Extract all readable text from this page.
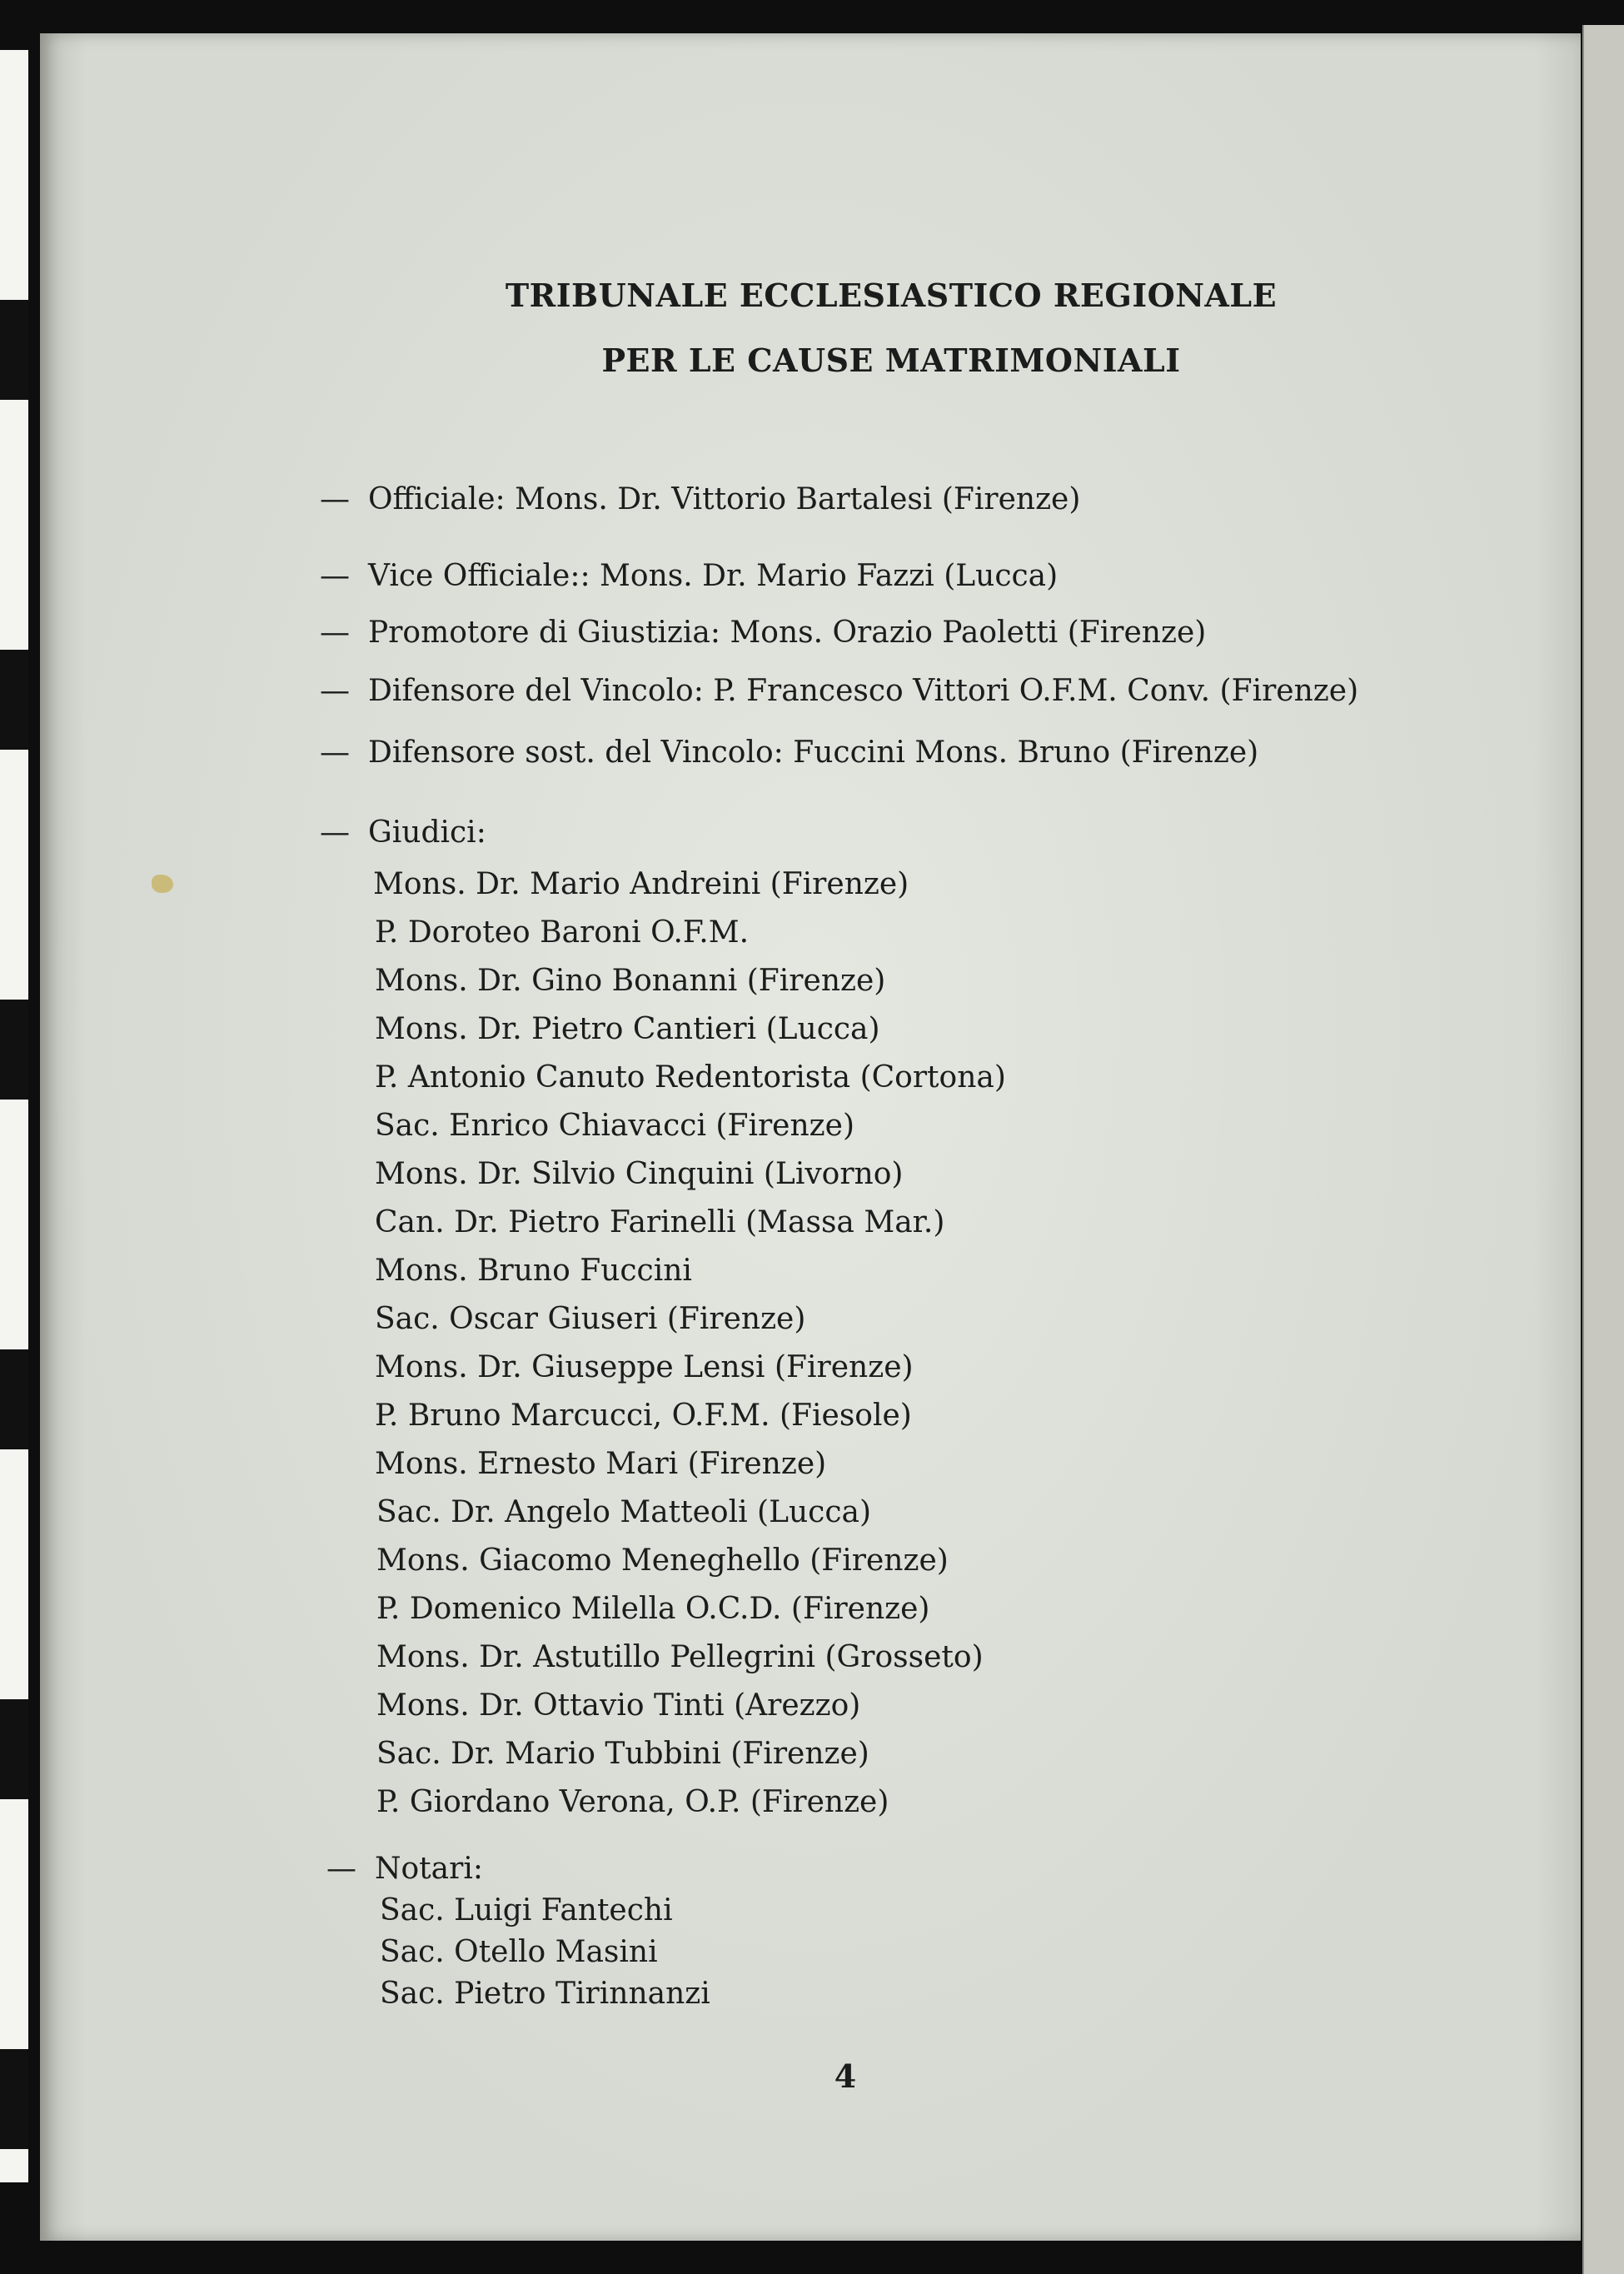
TRIBUNALE ECCLESIASTICO REGIONALE
PER LE CAUSE MATRIMONIALI
— Officiale: Mons. Dr. Vittorio Bartalesi (Firenze)
— Vice Officiale:: Mons. Dr. Mario Fazzi (Lucca)
— Promotore di Giustizia: Mons. Orazio Paoletti (Firenze)
— Difensore del Vincolo: P. Francesco Vittori O.F.M. Conv. (Firenze)
— Difensore sost. del Vincolo: Fuccini Mons. Bruno (Firenze)
— Giudici:
Mons. Dr. Mario Andreini (Firenze)
P. Doroteo Baroni O.F.M.
Mons. Dr. Gino Bonanni (Firenze)
Mons. Dr. Pietro Cantieri (Lucca)
P. Antonio Canuto Redentorista (Cortona)
Sac. Enrico Chiavacci (Firenze)
Mons. Dr. Silvio Cinquini (Livorno)
Can. Dr. Pietro Farinelli (Massa Mar.)
Mons. Bruno Fuccini
Sac. Oscar Giuseri (Firenze)
Mons. Dr. Giuseppe Lensi (Firenze)
P. Bruno Marcucci, O.F.M. (Fiesole)
Mons. Ernesto Mari (Firenze)
Sac. Dr. Angelo Matteoli (Lucca)
Mons. Giacomo Meneghello (Firenze)
P. Domenico Milella O.C.D. (Firenze)
Mons. Dr. Astutillo Pellegrini (Grosseto)
Mons. Dr. Ottavio Tinti (Arezzo)
Sac. Dr. Mario Tubbini (Firenze)
P. Giordano Verona, O.P. (Firenze)
— Notari:
Sac. Luigi Fantechi
Sac. Otello Masini
Sac. Pietro Tirinnanzi
4
